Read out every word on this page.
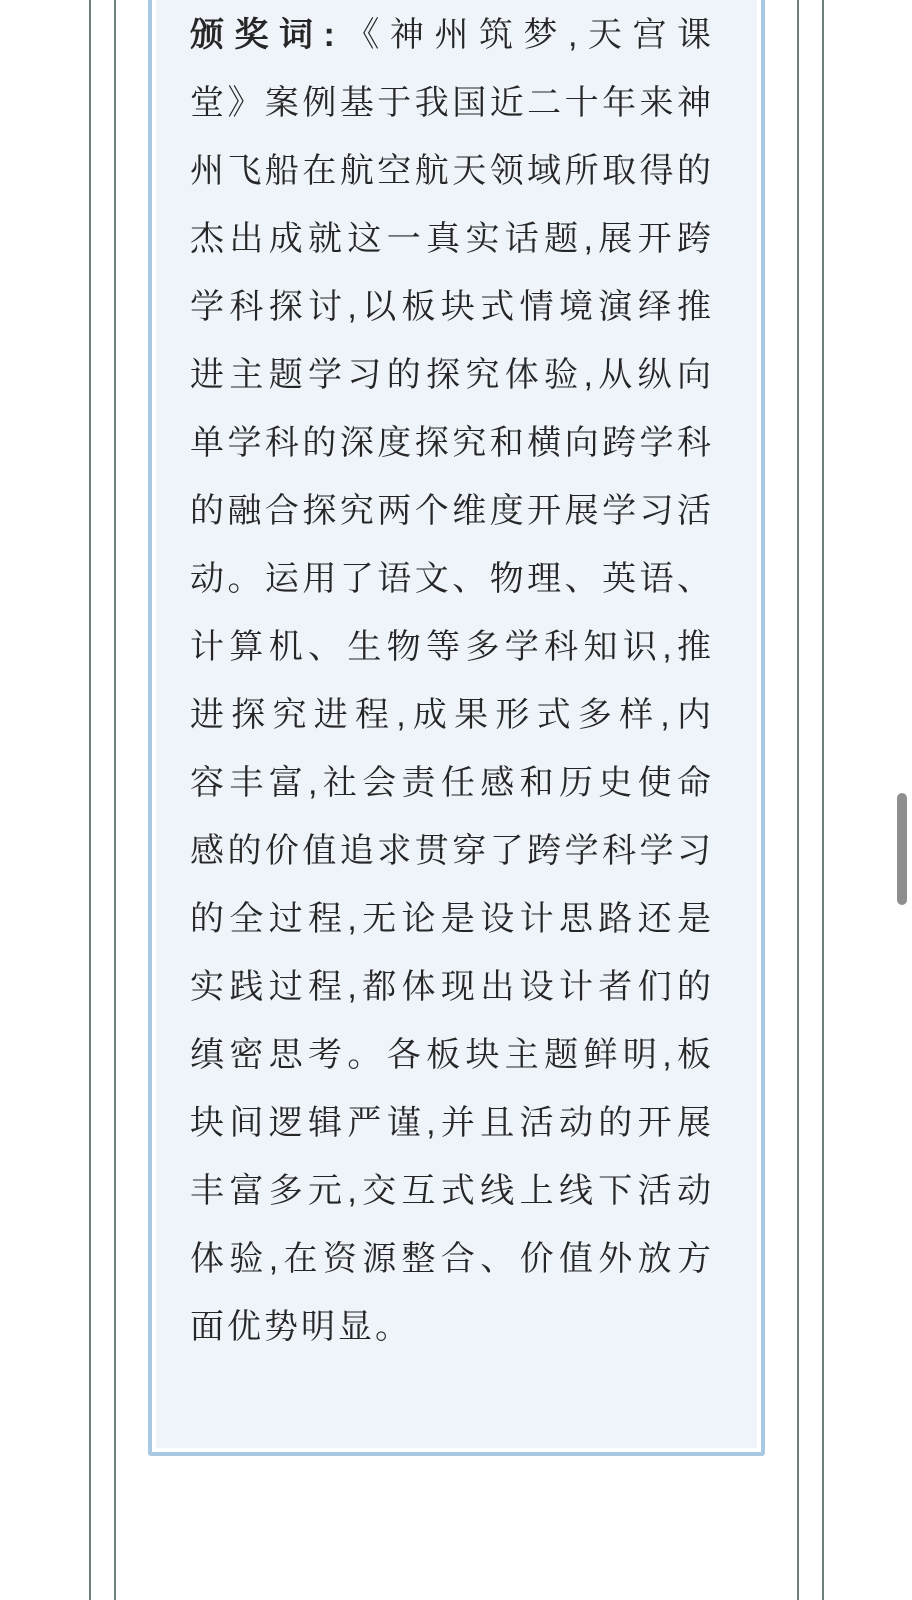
颁奖词:《神州筑梦,天宫课
堂》案例基于我国近二十年来神
州飞船在航空航天领域所取得的
杰出成就这一真实话题,展开跨
学科探讨,以板块式情境演绎推
进主题学习的探究体验,从纵向
单学科的深度探究和横向跨学科
的融合探究两个维度开展学习活
动。运用了语文、物理、英语、
计算机、生物等多学科知识,推
进探究进程,成果形式多样,内
容丰富,社会责任感和历史使命
感的价值追求贯穿了跨学科学习
的全过程,无论是设计思路还是
实践过程,都体现出设计者们的
缜密思考。各板块主题鲜明,板
块间逻辑严谨,并且活动的开展
丰富多元,交互式线上线下活动
体验,在资源整合、价值外放方
面优势明显。
